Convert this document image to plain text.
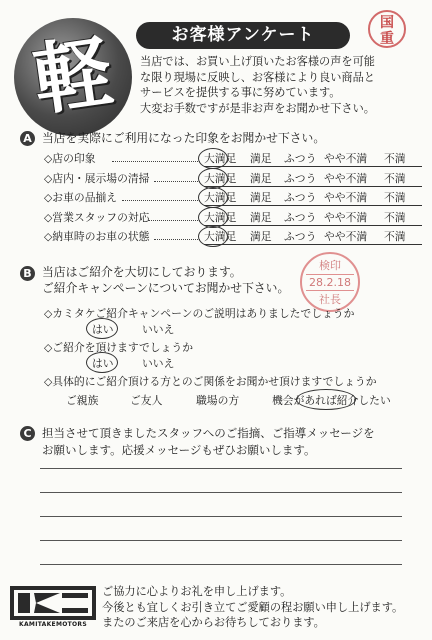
軽	お客様アンケート
国
重
当店では、お買い上げ頂いたお客様の声を可能
な限り現場に反映し、お客様により良い商品と
サービスを提供する事に努めています。
大変お手数ですが是非お声をお聞かせ下さい。
A 当店を実際にご利用になった印象をお聞かせ下さい。
◇店の印象	大満足 満足 ふつう やや不満 不満
◇店内・展示場の清掃	大満足 満足 ふつう やや不満 不満
◇お車の品揃え	大満足 満足 ふつう やや不満 不満
◇営業スタッフの対応	大満足 満足 ふつう やや不満 不満
◇納車時のお車の状態	大満足 満足 ふつう やや不満 不満
B 当店はご紹介を大切にしております。
ご紹介キャンペーンについてお聞かせ下さい。
検印
28.2.18
社長
◇カミタケご紹介キャンペーンのご説明はありましたでしょうか
はい	いいえ
◇ご紹介を頂けますでしょうか
はい	いいえ
◇具体的にご紹介頂ける方とのご関係をお聞かせ頂けますでしょうか
ご親族	ご友人	職場の方	機会があれば紹介したい
C 担当させて頂きましたスタッフへのご指摘、ご指導メッセージを
お願いします。応援メッセージもぜひお願いします。
KAMITAKEMOTORS
ご協力に心よりお礼を申し上げます。
今後とも宜しくお引き立てご愛顧の程お願い申し上げます。
またのご来店を心からお待ちしております。
